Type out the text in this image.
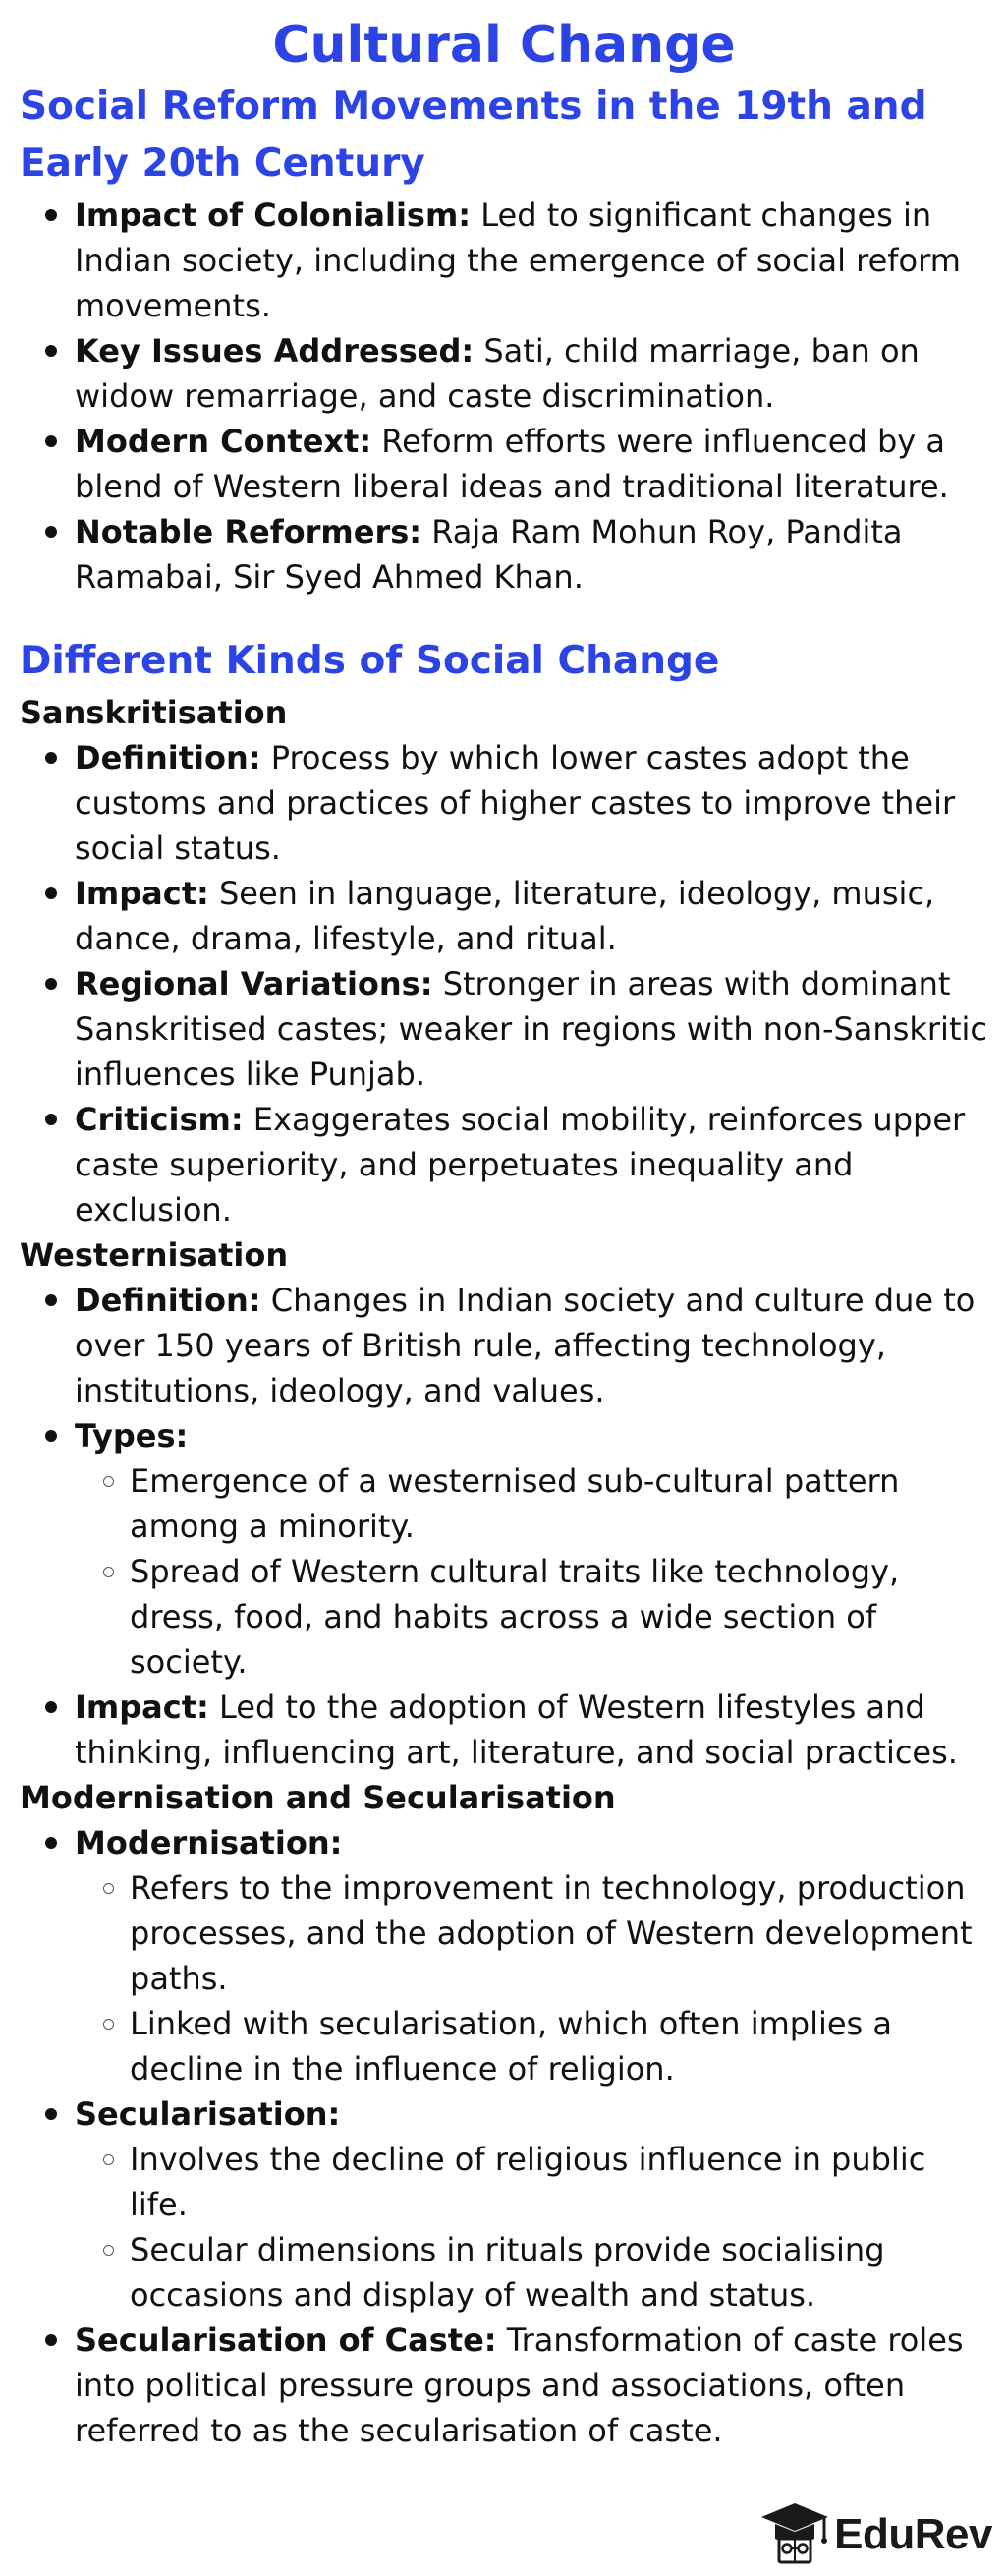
Cultural Change
Social Reform Movements in the 19th and Early 20th Century
Impact of Colonialism: Led to significant changes in Indian society, including the emergence of social reform movements.
Key Issues Addressed: Sati, child marriage, ban on widow remarriage, and caste discrimination.
Modern Context: Reform efforts were influenced by a blend of Western liberal ideas and traditional literature.
Notable Reformers: Raja Ram Mohun Roy, Pandita Ramabai, Sir Syed Ahmed Khan.
Different Kinds of Social Change
Sanskritisation
Definition: Process by which lower castes adopt the customs and practices of higher castes to improve their social status.
Impact: Seen in language, literature, ideology, music, dance, drama, lifestyle, and ritual.
Regional Variations: Stronger in areas with dominant Sanskritised castes; weaker in regions with non-Sanskritic influences like Punjab.
Criticism: Exaggerates social mobility, reinforces upper caste superiority, and perpetuates inequality and exclusion.
Westernisation
Definition: Changes in Indian society and culture due to over 150 years of British rule, affecting technology, institutions, ideology, and values.
Types:
Emergence of a westernised sub-cultural pattern among a minority.
Spread of Western cultural traits like technology, dress, food, and habits across a wide section of society.
Impact: Led to the adoption of Western lifestyles and thinking, influencing art, literature, and social practices.
Modernisation and Secularisation
Modernisation:
Refers to the improvement in technology, production processes, and the adoption of Western development paths.
Linked with secularisation, which often implies a decline in the influence of religion.
Secularisation:
Involves the decline of religious influence in public life.
Secular dimensions in rituals provide socialising occasions and display of wealth and status.
Secularisation of Caste: Transformation of caste roles into political pressure groups and associations, often referred to as the secularisation of caste.
EduRev
